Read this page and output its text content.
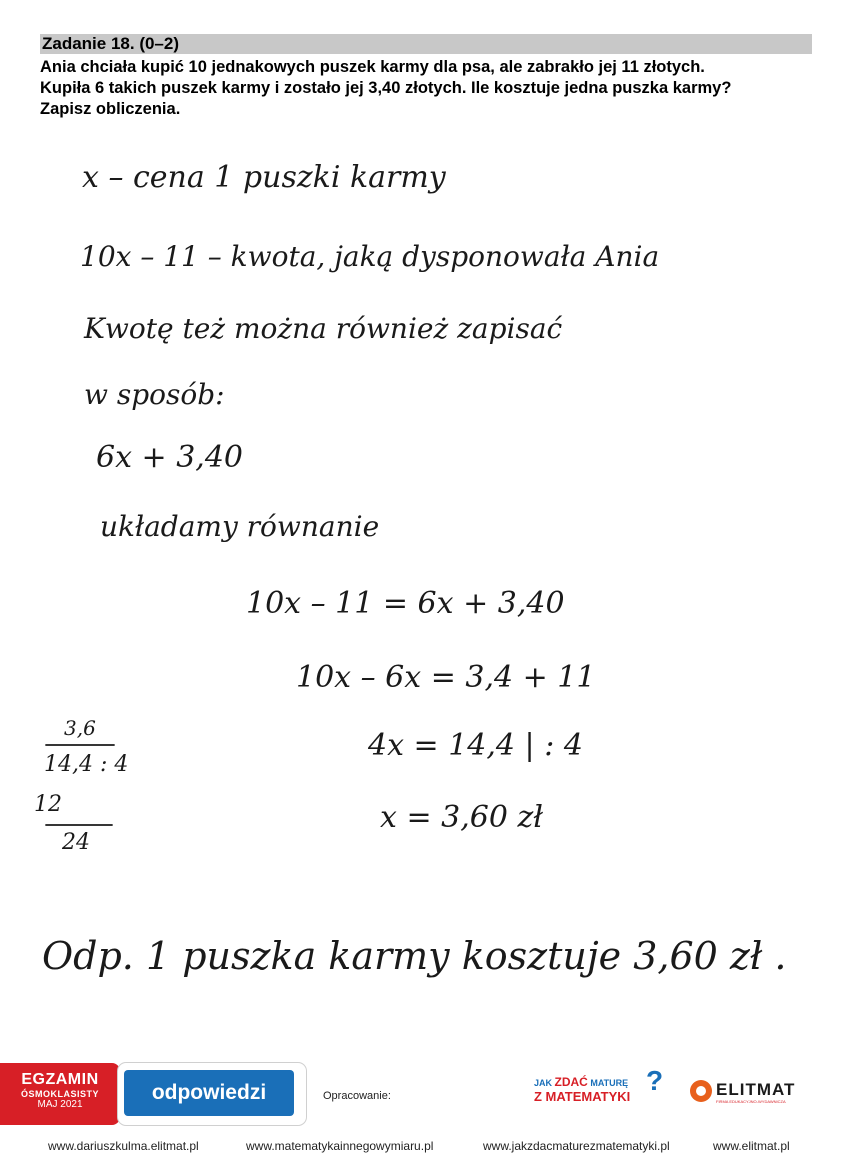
Zadanie 18. (0–2)
Ania chciała kupić 10 jednakowych puszek karmy dla psa, ale zabrakło jej 11 złotych.
Kupiła 6 takich puszek karmy i zostało jej 3,40 złotych. Ile kosztuje jedna puszka karmy?
Zapisz obliczenia.
x – cena 1 puszki karmy
10x – 11 – kwota, jaką dysponowała Ania
Kwotę też można również zapisać
w sposób:
6x + 3,40
układamy równanie
10x – 11 = 6x + 3,40
10x – 6x = 3,4 + 11
4x = 14,4 | : 4
x = 3,60 zł
3,6
14,4 : 4
12
24
Odp. 1 puszka karmy kosztuje 3,60 zł .
EGZAMIN
ÓSMOKLASISTY
MAJ 2021
odpowiedzi	Opracowanie:
JAK ZDAĆ MATURĘ
Z MATEMATYKI
?	ELITMAT
FIRMA EDUKACYJNO-WYDAWNICZA
www.dariuszkulma.elitmat.pl	www.matematykainnegowymiaru.pl	www.jakzdacmaturezmatematyki.pl	www.elitmat.pl
